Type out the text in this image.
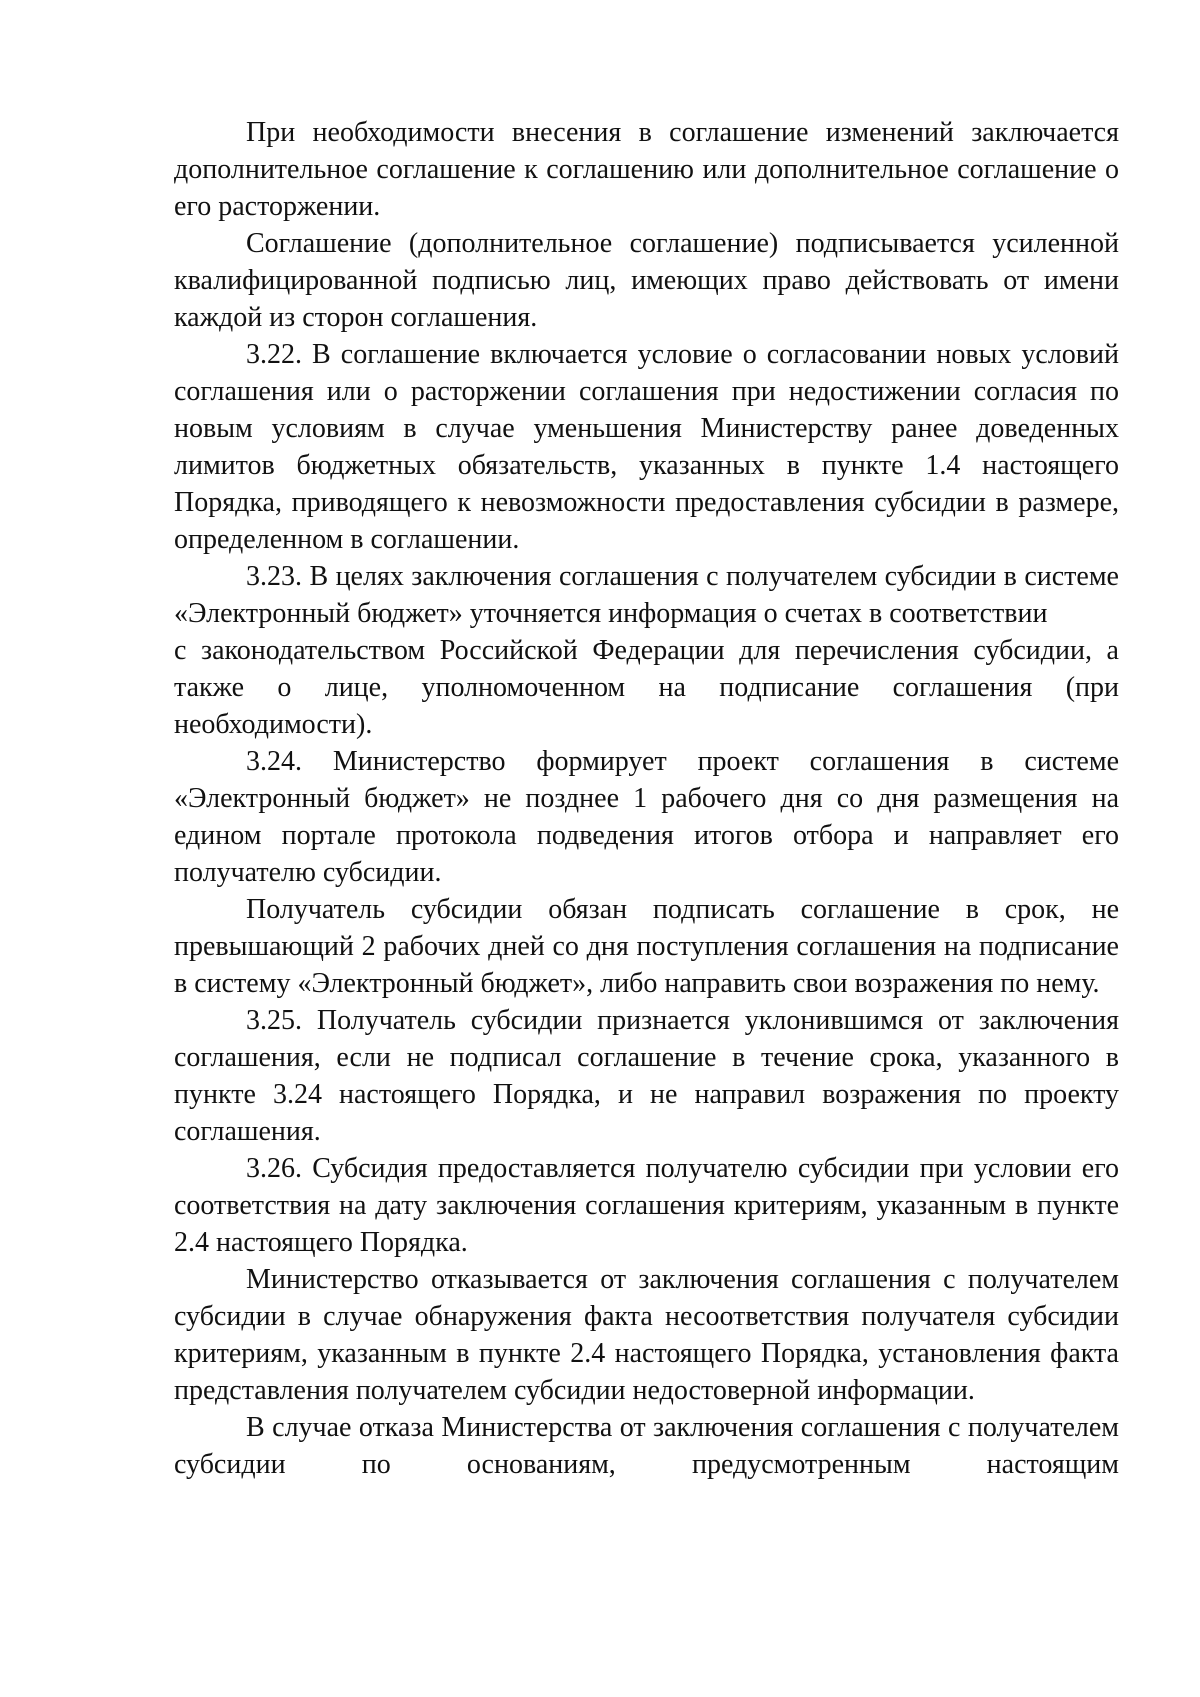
При необходимости внесения в соглашение изменений заключается дополнительное соглашение к соглашению или дополнительное соглашение о его расторжении.

Соглашение (дополнительное соглашение) подписывается усиленной квалифицированной подписью лиц, имеющих право действовать от имени каждой из сторон соглашения.

3.22. В соглашение включается условие о согласовании новых условий соглашения или о расторжении соглашения при недостижении согласия по новым условиям в случае уменьшения Министерству ранее доведенных лимитов бюджетных обязательств, указанных в пункте 1.4 настоящего Порядка, приводящего к невозможности предоставления субсидии в размере, определенном в соглашении.

3.23. В целях заключения соглашения с получателем субсидии в системе «Электронный бюджет» уточняется информация о счетах в соответствии

с законодательством Российской Федерации для перечисления субсидии, а также о лице, уполномоченном на подписание соглашения (при необходимости).

3.24. Министерство формирует проект соглашения в системе «Электронный бюджет» не позднее 1 рабочего дня со дня размещения на едином портале протокола подведения итогов отбора и направляет его получателю субсидии.

Получатель субсидии обязан подписать соглашение в срок, не превышающий 2 рабочих дней со дня поступления соглашения на подписание в систему «Электронный бюджет», либо направить свои возражения по нему.

3.25. Получатель субсидии признается уклонившимся от заключения соглашения, если не подписал соглашение в течение срока, указанного в пункте 3.24 настоящего Порядка, и не направил возражения по проекту соглашения.

3.26. Субсидия предоставляется получателю субсидии при условии его соответствия на дату заключения соглашения критериям, указанным в пункте 2.4 настоящего Порядка.

Министерство отказывается от заключения соглашения с получателем субсидии в случае обнаружения факта несоответствия получателя субсидии критериям, указанным в пункте 2.4 настоящего Порядка, установления факта представления получателем субсидии недостоверной информации.

В случае отказа Министерства от заключения соглашения с получателем субсидии по основаниям, предусмотренным настоящим
